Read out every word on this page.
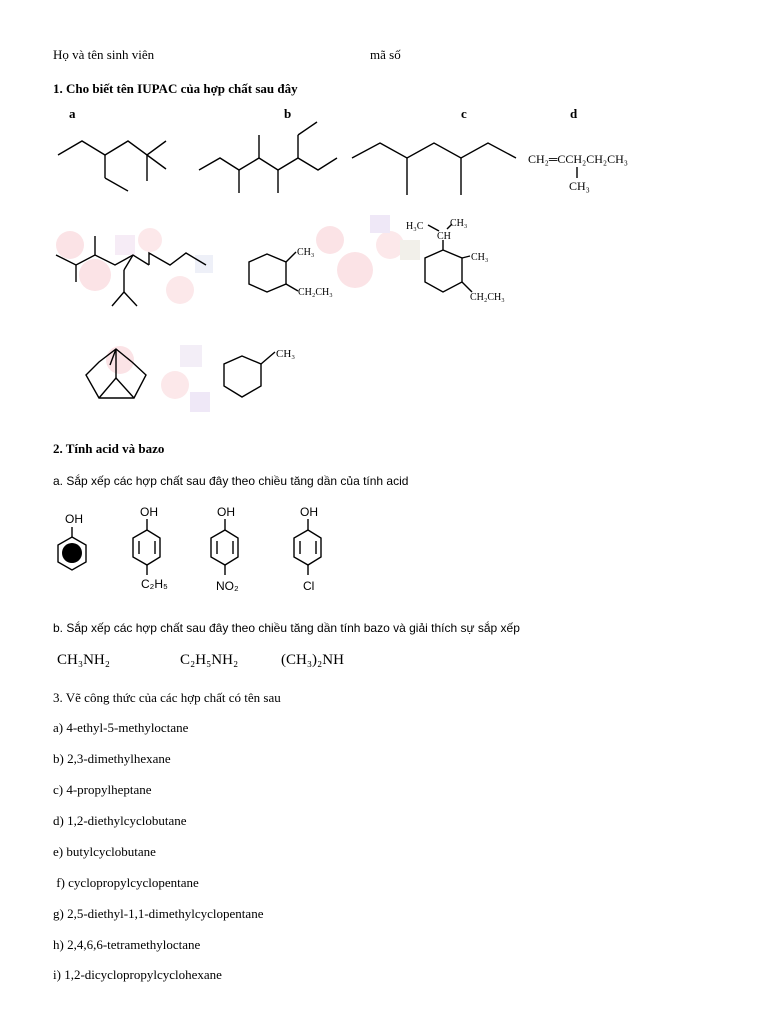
Họ và tên sinh viên	mã số
1. Cho biết tên IUPAC của hợp chất sau đây
a	b	c	d
CH₂═CCH₂CH₂CH₃
CH₃
CH₃
CH₂CH₃
H₃C	CH₃
CH
CH₃
CH₂CH₃
CH₃
2. Tính acid và bazo
a. Sắp xếp các hợp chất sau đây theo chiều tăng dần của tính acid
OH	OH
C₂H₅
OH
NO₂
OH
Cl
b. Sắp xếp các hợp chất sau đây theo chiều tăng dần tính bazo và giải thích sự sắp xếp
CH₃NH₂	C₂H₅NH₂	(CH₃)₂NH
3. Vẽ công thức của các hợp chất có tên sau
a) 4-ethyl-5-methyloctane
b) 2,3-dimethylhexane
c) 4-propylheptane
d) 1,2-diethylcyclobutane
e) butylcyclobutane
f) cyclopropylcyclopentane
g) 2,5-diethyl-1,1-dimethylcyclopentane
h) 2,4,6,6-tetramethyloctane
i) 1,2-dicyclopropylcyclohexane
